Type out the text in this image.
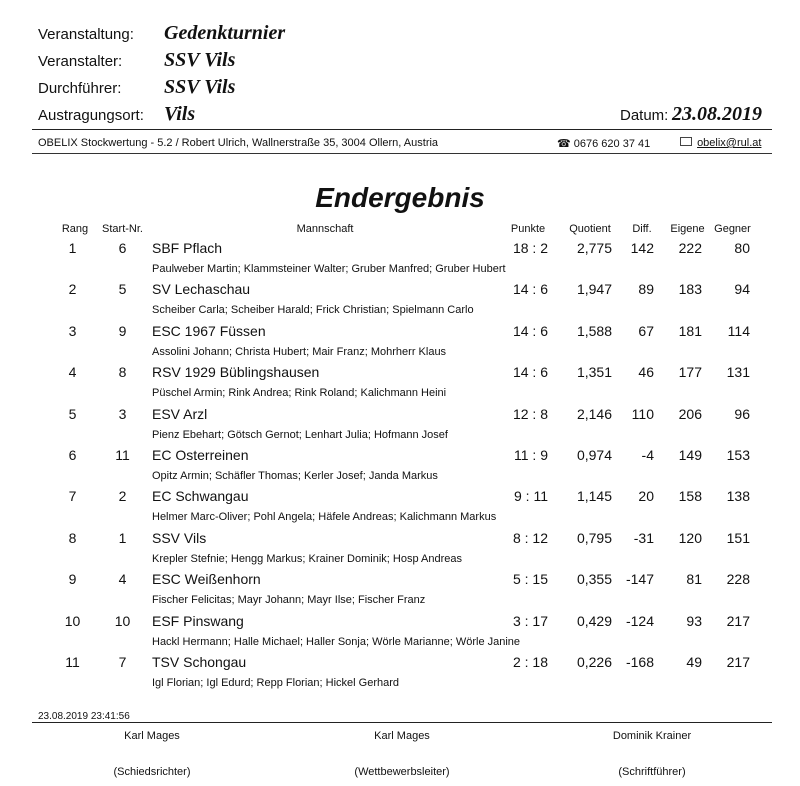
Veranstaltung: Gedenkturnier
Veranstalter: SSV Vils
Durchführer: SSV Vils
Austragungsort: Vils	Datum: 23.08.2019
OBELIX Stockwertung - 5.2 / Robert Ulrich, Wallnerstraße 35, 3004 Ollern, Austria	☎ 0676 620 37 41	obelix@rul.at
Endergebnis
Rang	Start-Nr.	Mannschaft	Punkte	Quotient	Diff.	Eigene Gegner
1	6	SBF Pflach	18 : 2	2,775	142	222	80
Paulweber Martin; Klammsteiner Walter; Gruber Manfred; Gruber Hubert
2	5	SV Lechaschau	14 : 6	1,947	89	183	94
Scheiber Carla; Scheiber Harald; Frick Christian; Spielmann Carlo
3	9	ESC 1967 Füssen	14 : 6	1,588	67	181	114
Assolini Johann; Christa Hubert; Mair Franz; Mohrherr Klaus
4	8	RSV 1929 Büblingshausen	14 : 6	1,351	46	177	131
Püschel Armin; Rink Andrea; Rink Roland; Kalichmann Heini
5	3	ESV Arzl	12 : 8	2,146	110	206	96
Pienz Ebehart; Götsch Gernot; Lenhart Julia; Hofmann Josef
6	11	EC Osterreinen	11 : 9	0,974	-4	149	153
Opitz Armin; Schäfler Thomas; Kerler Josef; Janda Markus
7	2	EC Schwangau	9 : 11	1,145	20	158	138
Helmer Marc-Oliver; Pohl Angela; Häfele Andreas; Kalichmann Markus
8	1	SSV Vils	8 : 12	0,795	-31	120	151
Krepler Stefnie; Hengg Markus; Krainer Dominik; Hosp Andreas
9	4	ESC Weißenhorn	5 : 15	0,355 -147	81	228
Fischer Felicitas; Mayr Johann; Mayr Ilse; Fischer Franz
10	10	ESF Pinswang	3 : 17	0,429 -124	93	217
Hackl Hermann; Halle Michael; Haller Sonja; Wörle Marianne; Wörle Janine
11	7	TSV Schongau	2 : 18	0,226 -168	49	217
Igl Florian; Igl Edurd; Repp Florian; Hickel Gerhard
23.08.2019 23:41:56
Karl Mages	Karl Mages	Dominik Krainer
(Schiedsrichter)	(Wettbewerbsleiter)	(Schriftführer)
